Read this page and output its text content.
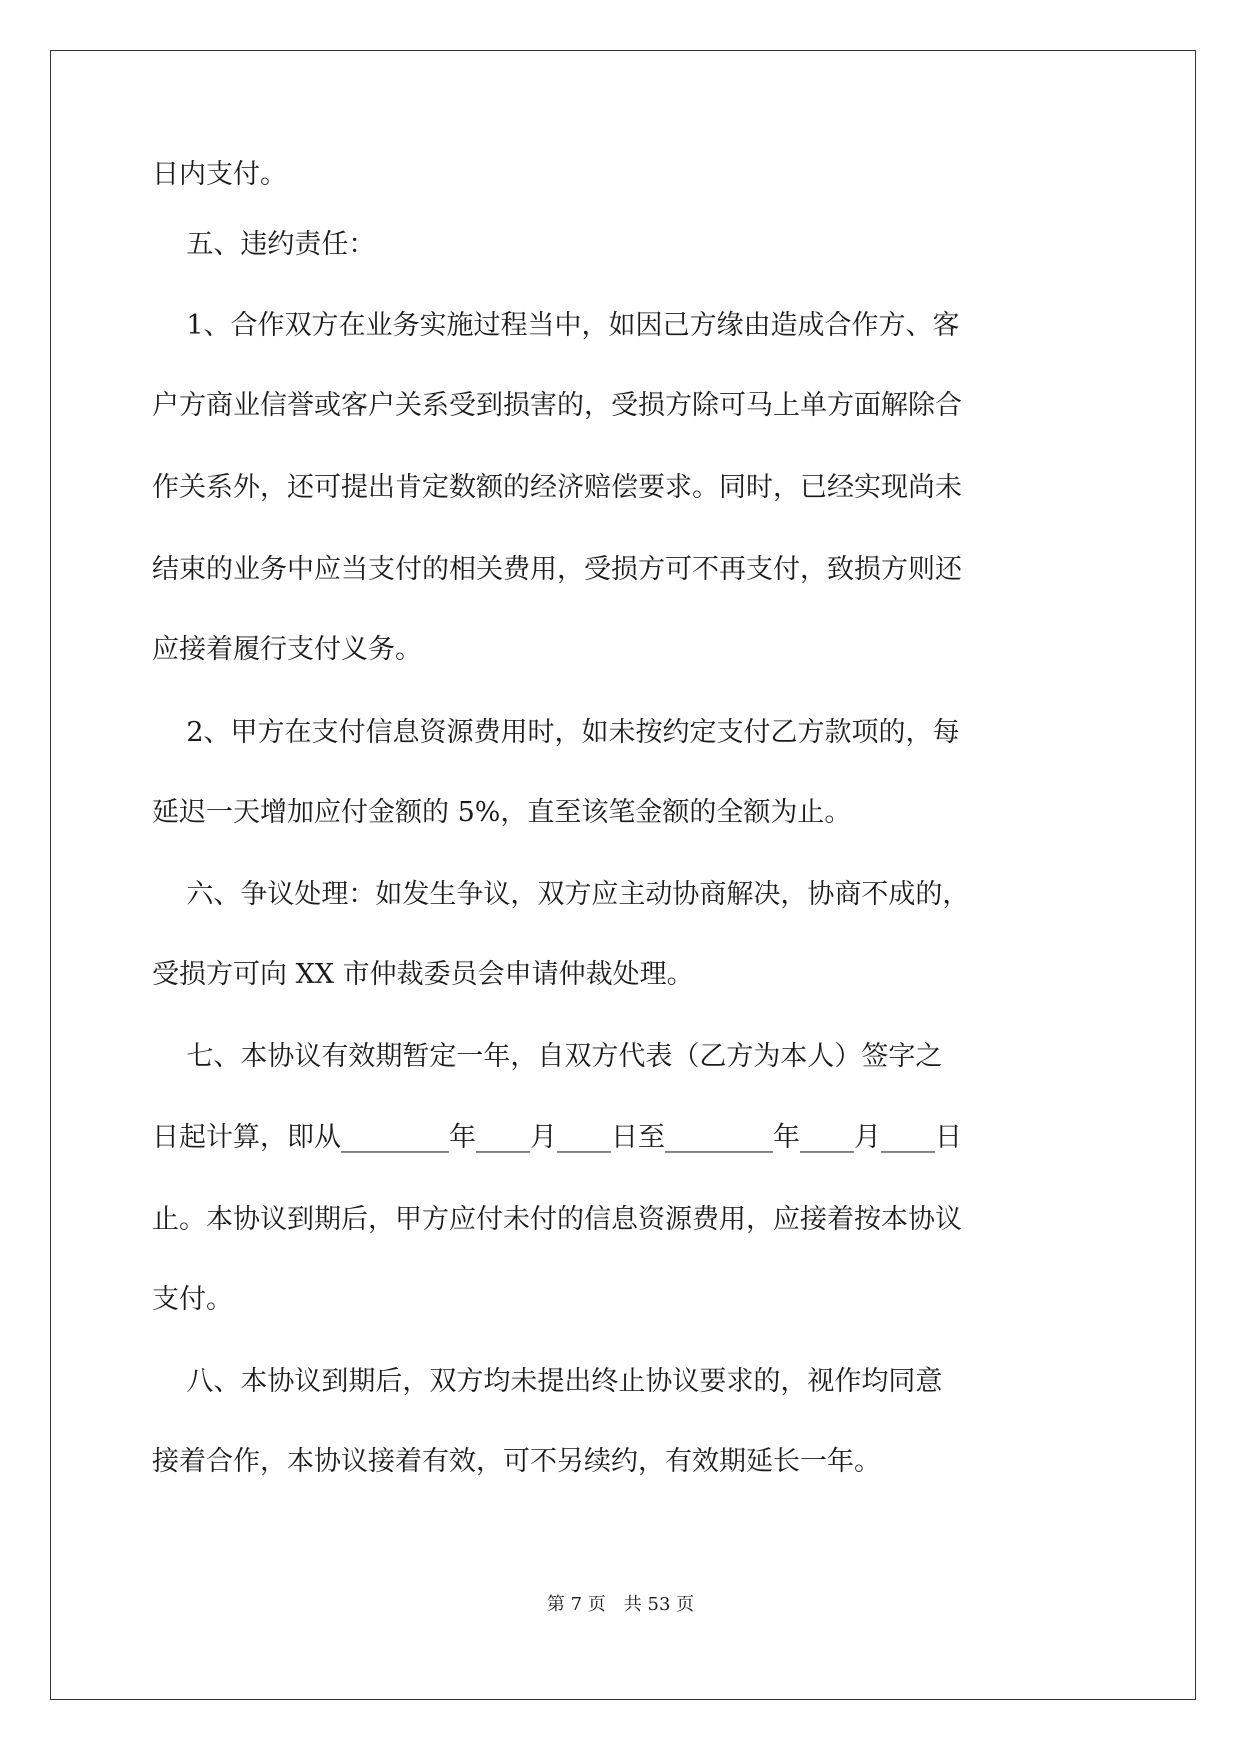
日内支付。
五、违约责任：
1、合作双方在业务实施过程当中，如因己方缘由造成合作方、客
户方商业信誉或客户关系受到损害的，受损方除可马上单方面解除合
作关系外，还可提出肯定数额的经济赔偿要求。同时，已经实现尚未
结束的业务中应当支付的相关费用，受损方可不再支付，致损方则还
应接着履行支付义务。
2、甲方在支付信息资源费用时，如未按约定支付乙方款项的，每
延迟一天增加应付金额的 5%，直至该笔金额的全额为止。
六、争议处理：如发生争议，双方应主动协商解决，协商不成的，
受损方可向 XX 市仲裁委员会申请仲裁处理。
七、本协议有效期暂定一年，自双方代表（乙方为本人）签字之
日起计算，即从________年____月____日至________年____月____日
止。本协议到期后，甲方应付未付的信息资源费用，应接着按本协议
支付。
八、本协议到期后，双方均未提出终止协议要求的，视作均同意
接着合作，本协议接着有效，可不另续约，有效期延长一年。
第 7 页　共 53 页
